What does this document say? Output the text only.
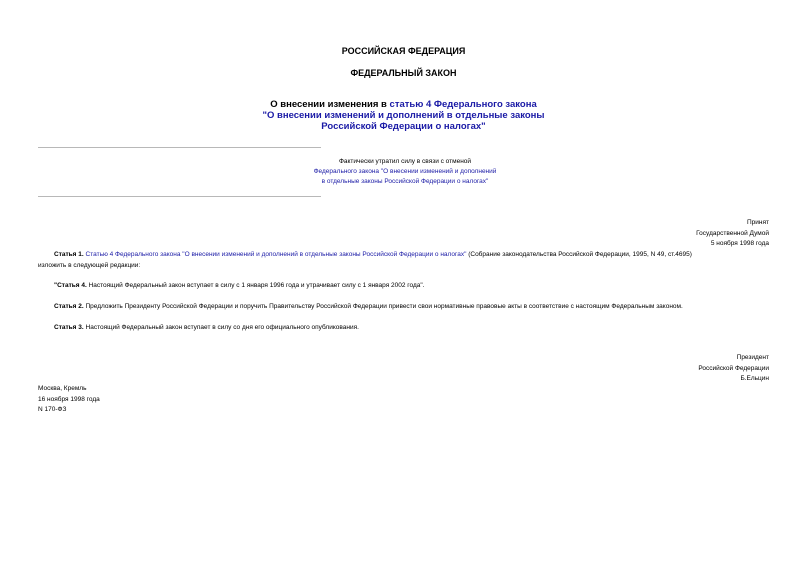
РОССИЙСКАЯ ФЕДЕРАЦИЯ
ФЕДЕРАЛЬНЫЙ ЗАКОН
О внесении изменения в статью 4 Федерального закона
"О внесении изменений и дополнений в отдельные законы
Российской Федерации о налогах"
Фактически утратил силу в связи с отменой
Федерального закона "О внесении изменений и дополнений
в отдельные законы Российской Федерации о налогах"
Принят
Государственной Думой
5 ноября 1998 года
Статья 1. Статью 4 Федерального закона "О внесении изменений и дополнений в отдельные законы Российской Федерации о налогах" (Собрание законодательства Российской Федерации, 1995, N 49, ст.4695)
изложить в следующей редакции:
"Статья 4. Настоящий Федеральный закон вступает в силу с 1 января 1996 года и утрачивает силу с 1 января 2002 года".
Статья 2. Предложить Президенту Российской Федерации и поручить Правительству Российской Федерации привести свои нормативные правовые акты в соответствие с настоящим Федеральным законом.
Статья 3. Настоящий Федеральный закон вступает в силу со дня его официального опубликования.
Президент
Российской Федерации
Б.Ельцин
Москва, Кремль
16 ноября 1998 года
N 170-ФЗ
